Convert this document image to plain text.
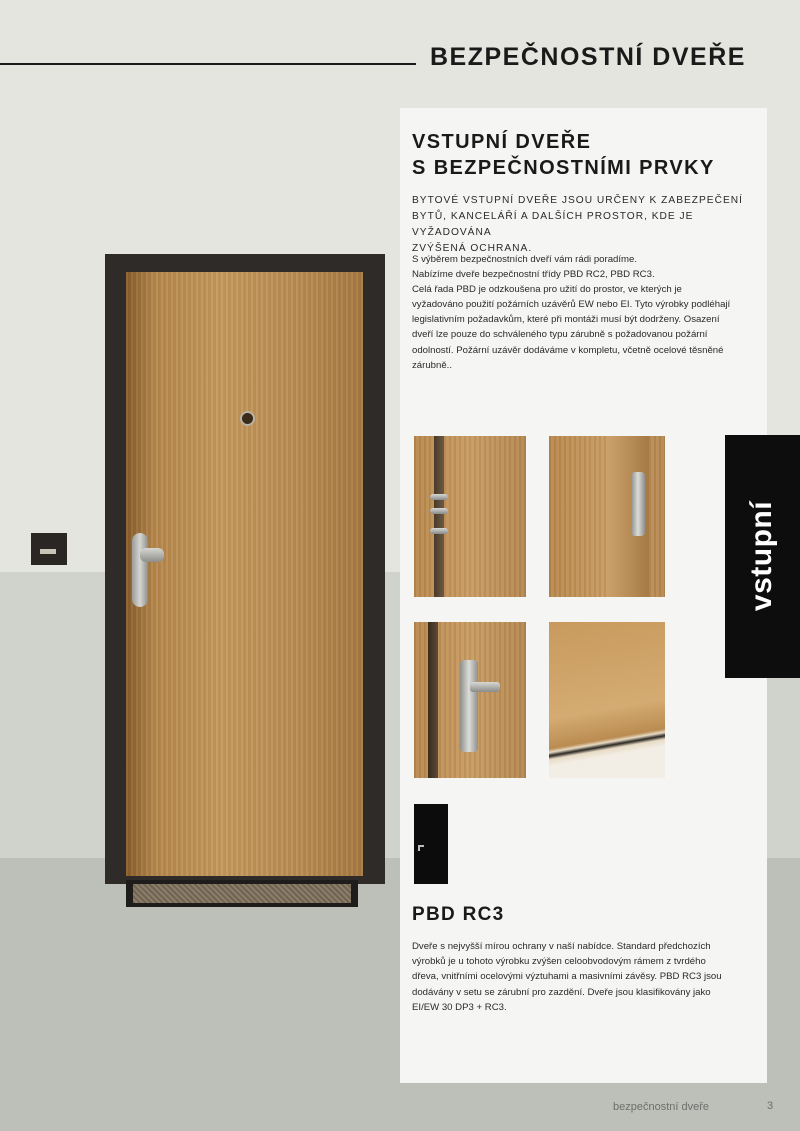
BEZPEČNOSTNÍ DVEŘE
VSTUPNÍ DVEŘE
S BEZPEČNOSTNÍMI PRVKY
BYTOVÉ VSTUPNÍ DVEŘE JSOU URČENY K ZABEZPEČENÍ
BYTŮ, KANCELÁŘÍ A DALŠÍCH PROSTOR, KDE JE VYŽADOVÁNA
ZVÝŠENÁ OCHRANA.
S výběrem bezpečnostních dveří vám rádi poradíme.
Nabízíme dveře bezpečnostní třídy PBD RC2, PBD RC3.
Celá řada PBD je odzkoušena pro užití do prostor, ve kterých je
vyžadováno použití požárních uzávěrů EW nebo EI. Tyto výrobky podléhají
legislativním požadavkům, které při montáži musí být dodrženy. Osazení
dveří lze pouze do schváleného typu zárubně s požadovanou požární
odolností. Požární uzávěr dodáváme v kompletu, včetně ocelové těsněné
zárubně..
PBD RC3
Dveře s nejvyšší mírou ochrany v naší nabídce. Standard předchozích
výrobků je u tohoto výrobku zvýšen celoobvodovým rámem z tvrdého
dřeva, vnitřními ocelovými výztuhami a masivními závěsy. PBD RC3 jsou
dodávány v setu se zárubní pro zazdění. Dveře jsou klasifikovány jako
EI/EW 30 DP3 + RC3.
vstupní
bezpečnostní dveře	3
